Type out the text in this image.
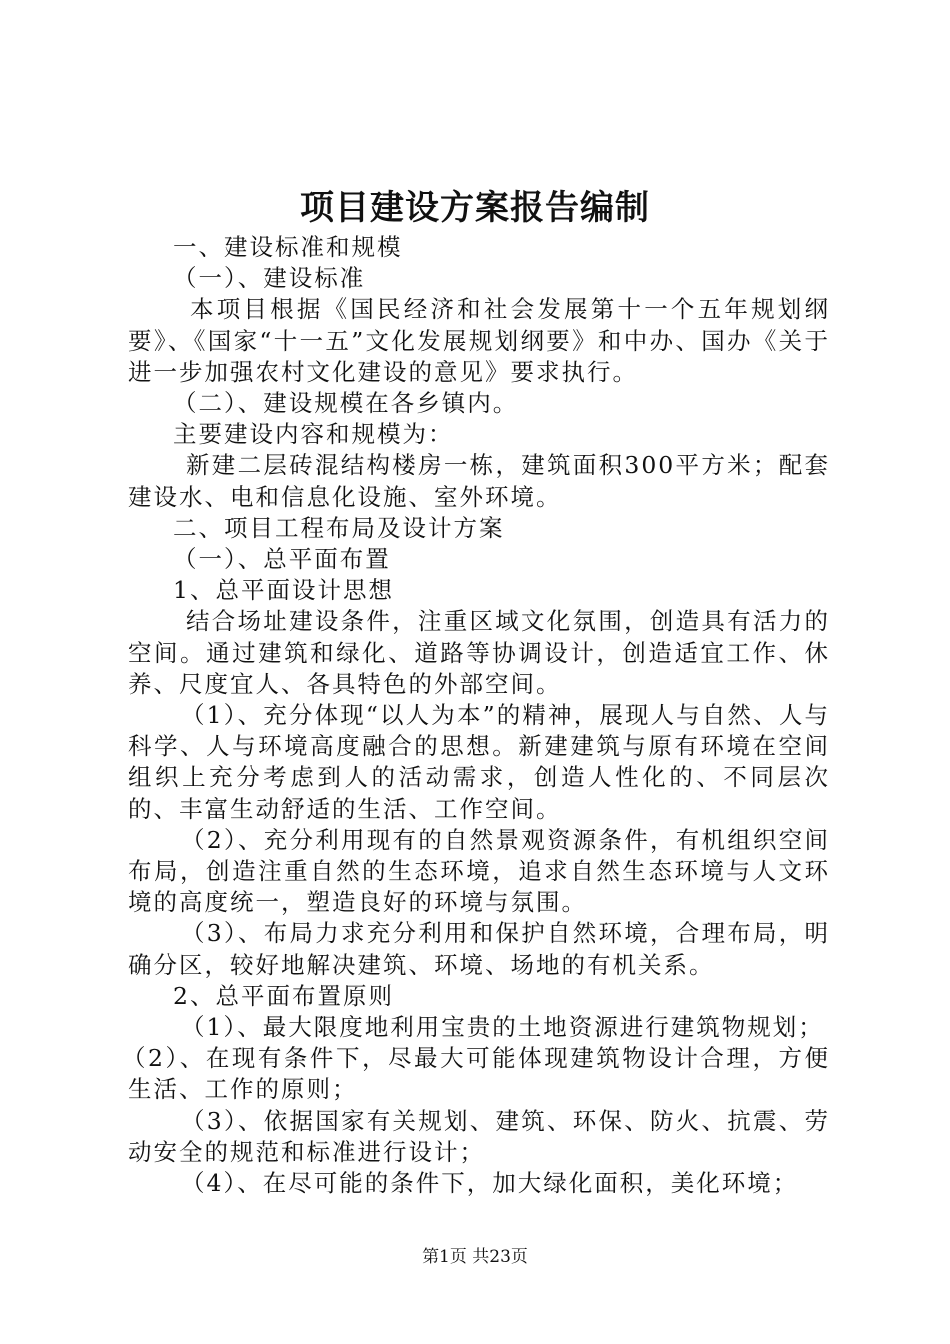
项目建设方案报告编制

一、建设标准和规模

（一）、建设标准

本项目根据《国民经济和社会发展第十一个五年规划纲要》、《国家“十一五”文化发展规划纲要》和中办、国办《关于进一步加强农村文化建设的意见》要求执行。

（二）、建设规模在各乡镇内。

主要建设内容和规模为：

新建二层砖混结构楼房一栋，建筑面积300平方米；配套建设水、电和信息化设施、室外环境。

二、项目工程布局及设计方案

（一）、总平面布置

1、总平面设计思想

结合场址建设条件，注重区域文化氛围，创造具有活力的空间。通过建筑和绿化、道路等协调设计，创造适宜工作、休养、尺度宜人、各具特色的外部空间。

（1）、充分体现“以人为本”的精神，展现人与自然、人与科学、人与环境高度融合的思想。新建建筑与原有环境在空间组织上充分考虑到人的活动需求，创造人性化的、不同层次的、丰富生动舒适的生活、工作空间。

（2）、充分利用现有的自然景观资源条件，有机组织空间布局，创造注重自然的生态环境，追求自然生态环境与人文环境的高度统一，塑造良好的环境与氛围。

（3）、布局力求充分利用和保护自然环境，合理布局，明确分区，较好地解决建筑、环境、场地的有机关系。

2、总平面布置原则

（1）、最大限度地利用宝贵的土地资源进行建筑物规划；

（2）、在现有条件下，尽最大可能体现建筑物设计合理，方便生活、工作的原则；

（3）、依据国家有关规划、建筑、环保、防火、抗震、劳动安全的规范和标准进行设计；

（4）、在尽可能的条件下，加大绿化面积，美化环境；

第1页 共23页
